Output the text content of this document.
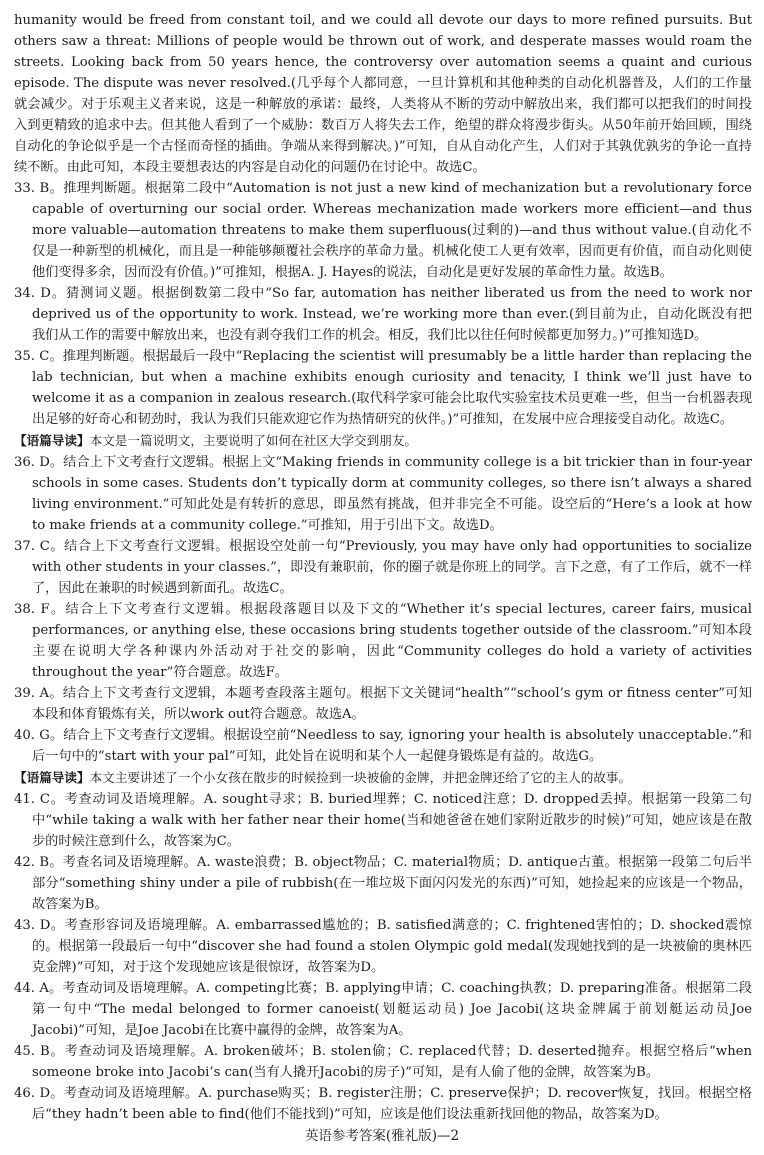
humanity would be freed from constant toil, and we could all devote our days to more refined pursuits. But others saw a threat: Millions of people would be thrown out of work, and desperate masses would roam the streets. Looking back from 50 years hence, the controversy over automation seems a quaint and curious episode. The dispute was never resolved.(几乎每个人都同意，一旦计算机和其他种类的自动化机器普及，人们的工作量就会减少。对于乐观主义者来说，这是一种解放的承诺：最终，人类将从不断的劳动中解放出来，我们都可以把我们的时间投入到更精致的追求中去。但其他人看到了一个威胁：数百万人将失去工作，绝望的群众将漫步街头。从50年前开始回顾，围绕自动化的争论似乎是一个古怪而奇怪的插曲。争端从来得到解决。)”可知，自从自动化产生，人们对于其孰优孰劣的争论一直持续不断。由此可知，本段主要想表达的内容是自动化的问题仍在讨论中。故选C。

33. B。推理判断题。根据第二段中“Automation is not just a new kind of mechanization but a revolutionary force capable of overturning our social order. Whereas mechanization made workers more efficient—and thus more valuable—automation threatens to make them superfluous(过剩的)—and thus without value.(自动化不仅是一种新型的机械化，而且是一种能够颠覆社会秩序的革命力量。机械化使工人更有效率，因而更有价值，而自动化则使他们变得多余，因而没有价值。)”可推知，根据A. J. Hayes的说法，自动化是更好发展的革命性力量。故选B。

34. D。猜测词义题。根据倒数第二段中“So far, automation has neither liberated us from the need to work nor deprived us of the opportunity to work. Instead, we’re working more than ever.(到目前为止，自动化既没有把我们从工作的需要中解放出来，也没有剥夺我们工作的机会。相反，我们比以往任何时候都更加努力。)”可推知选D。

35. C。推理判断题。根据最后一段中“Replacing the scientist will presumably be a little harder than replacing the lab technician, but when a machine exhibits enough curiosity and tenacity, I think we’ll just have to welcome it as a companion in zealous research.(取代科学家可能会比取代实验室技术员更难一些，但当一台机器表现出足够的好奇心和韧劲时，我认为我们只能欢迎它作为热情研究的伙伴。)”可推知，在发展中应合理接受自动化。故选C。

【语篇导读】本文是一篇说明文，主要说明了如何在社区大学交到朋友。

36. D。结合上下文考查行文逻辑。根据上文“Making friends in community college is a bit trickier than in four-year schools in some cases. Students don’t typically dorm at community colleges, so there isn’t always a shared living environment.”可知此处是有转折的意思，即虽然有挑战，但并非完全不可能。设空后的“Here’s a look at how to make friends at a community college.”可推知，用于引出下文。故选D。

37. C。结合上下文考查行文逻辑。根据设空处前一句“Previously, you may have only had opportunities to socialize with other students in your classes.”，即没有兼职前，你的圈子就是你班上的同学。言下之意，有了工作后，就不一样了，因此在兼职的时候遇到新面孔。故选C。

38. F。结合上下文考查行文逻辑。根据段落题目以及下文的“Whether it’s special lectures, career fairs, musical performances, or anything else, these occasions bring students together outside of the classroom.”可知本段主要在说明大学各种课内外活动对于社交的影响，因此“Community colleges do hold a variety of activities throughout the year”符合题意。故选F。

39. A。结合上下文考查行文逻辑，本题考查段落主题句。根据下文关键词“health”“school’s gym or fitness center”可知本段和体育锻炼有关，所以work out符合题意。故选A。

40. G。结合上下文考查行文逻辑。根据设空前“Needless to say, ignoring your health is absolutely unacceptable.”和后一句中的“start with your pal”可知，此处旨在说明和某个人一起健身锻炼是有益的。故选G。

【语篇导读】本文主要讲述了一个小女孩在散步的时候捡到一块被偷的金牌，并把金牌还给了它的主人的故事。

41. C。考查动词及语境理解。A. sought寻求；B. buried埋葬；C. noticed注意；D. dropped丢掉。根据第一段第二句中“while taking a walk with her father near their home(当和她爸爸在她们家附近散步的时候)”可知，她应该是在散步的时候注意到什么，故答案为C。

42. B。考查名词及语境理解。A. waste浪费；B. object物品；C. material物质；D. antique古董。根据第一段第二句后半部分“something shiny under a pile of rubbish(在一堆垃圾下面闪闪发光的东西)”可知，她捡起来的应该是一个物品，故答案为B。

43. D。考查形容词及语境理解。A. embarrassed尴尬的；B. satisfied满意的；C. frightened害怕的；D. shocked震惊的。根据第一段最后一句中“discover she had found a stolen Olympic gold medal(发现她找到的是一块被偷的奥林匹克金牌)”可知，对于这个发现她应该是很惊讶，故答案为D。

44. A。考查动词及语境理解。A. competing比赛；B. applying申请；C. coaching执教；D. preparing准备。根据第二段第一句中“The medal belonged to former canoeist(划艇运动员) Joe Jacobi(这块金牌属于前划艇运动员Joe Jacobi)”可知，是Joe Jacobi在比赛中赢得的金牌，故答案为A。

45. B。考查动词及语境理解。A. broken破坏；B. stolen偷；C. replaced代替；D. deserted抛弃。根据空格后“when someone broke into Jacobi’s can(当有人撬开Jacobi的房子)”可知，是有人偷了他的金牌，故答案为B。

46. D。考查动词及语境理解。A. purchase购买；B. register注册；C. preserve保护；D. recover恢复，找回。根据空格后“they hadn’t been able to find(他们不能找到)”可知，应该是他们设法重新找回他的物品，故答案为D。

英语参考答案(雅礼版)—2
